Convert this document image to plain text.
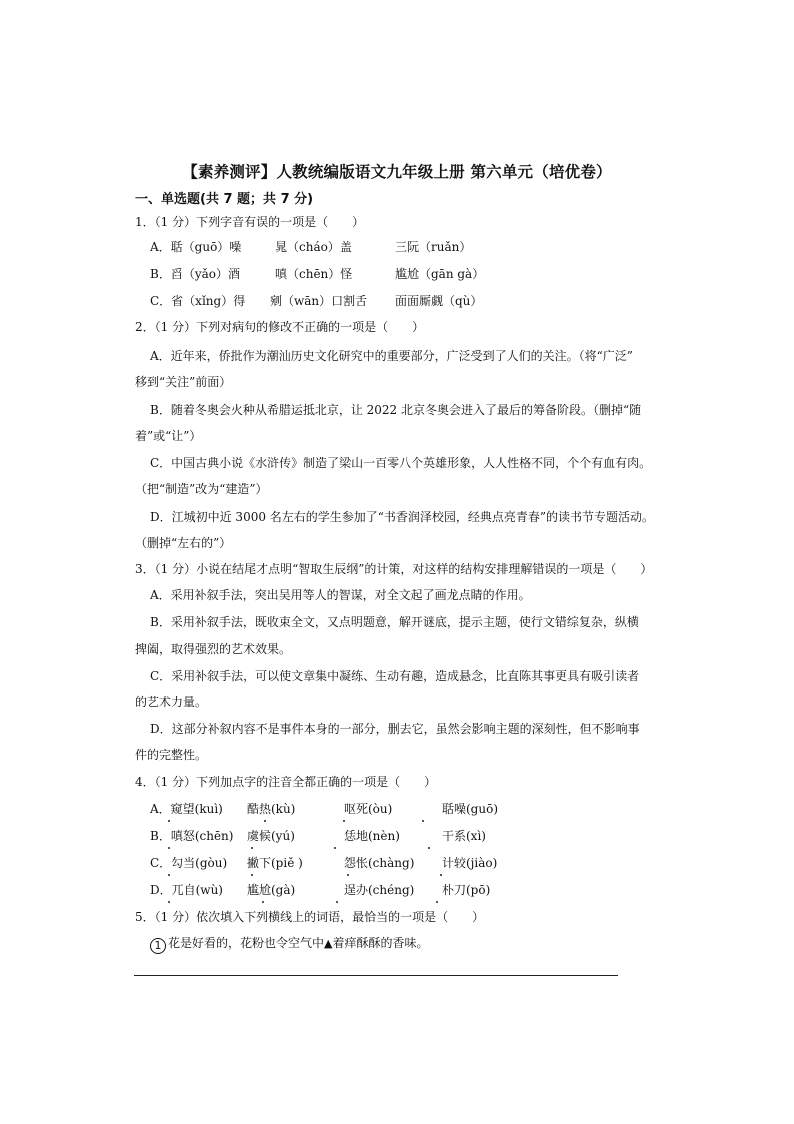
【素养测评】人教统编版语文九年级上册 第六单元（培优卷）
一、单选题(共 7 题；共 7 分)
1．（1 分）下列字音有误的一项是（　　）
A．聒（guō）噪	晁（cháo）盖	三阮（ruǎn）
B．舀（yǎo）酒	嗔（chēn）怪	尴尬（gān gà）
C．省（xǐng）得 剜（wān）口割舌 面面厮觑（qù）
2．（1 分）下列对病句的修改不正确的一项是（　　）
A．近年来，侨批作为潮汕历史文化研究中的重要部分，广泛受到了人们的关注。（将“广泛”
移到“关注”前面）
B．随着冬奥会火种从希腊运抵北京，让 2022 北京冬奥会进入了最后的筹备阶段。（删掉“随
着”或“让”）
C．中国古典小说《水浒传》制造了梁山一百零八个英雄形象，人人性格不同，个个有血有肉。
（把“制造”改为“建造”）
D．江城初中近 3000 名左右的学生参加了“书香润泽校园，经典点亮青春”的读书节专题活动。
（删掉“左右的”）
3．（1 分）小说在结尾才点明“智取生辰纲”的计策，对这样的结构安排理解错误的一项是（　　）
A．采用补叙手法，突出吴用等人的智谋，对全文起了画龙点睛的作用。
B．采用补叙手法，既收束全文，又点明题意，解开谜底，提示主题，使行文错综复杂，纵横
捭阖，取得强烈的艺术效果。
C．采用补叙手法，可以使文章集中凝练、生动有趣，造成悬念，比直陈其事更具有吸引读者
的艺术力量。
D．这部分补叙内容不是事件本身的一部分，删去它，虽然会影响主题的深刻性，但不影响事
件的完整性。
4．（1 分）下列加点字的注音全都正确的一项是（　　）
A．窥望(kuì) 酷热(kù)	呕死(òu)	聒噪(guō)
B．嗔怒(chēn) 虞候(yú)	恁地(nèn)	干系(xì)
C．勾当(gòu) 撇下(piě )	怨怅(chàng) 计较(jiào)
D．兀自(wù) 尴尬(gà)	逞办(chéng) 朴刀(pō)
5．（1 分）依次填入下列横线上的词语，最恰当的一项是（　　）
1 花是好看的，花粉也令空气中▲着痒酥酥的香味。
